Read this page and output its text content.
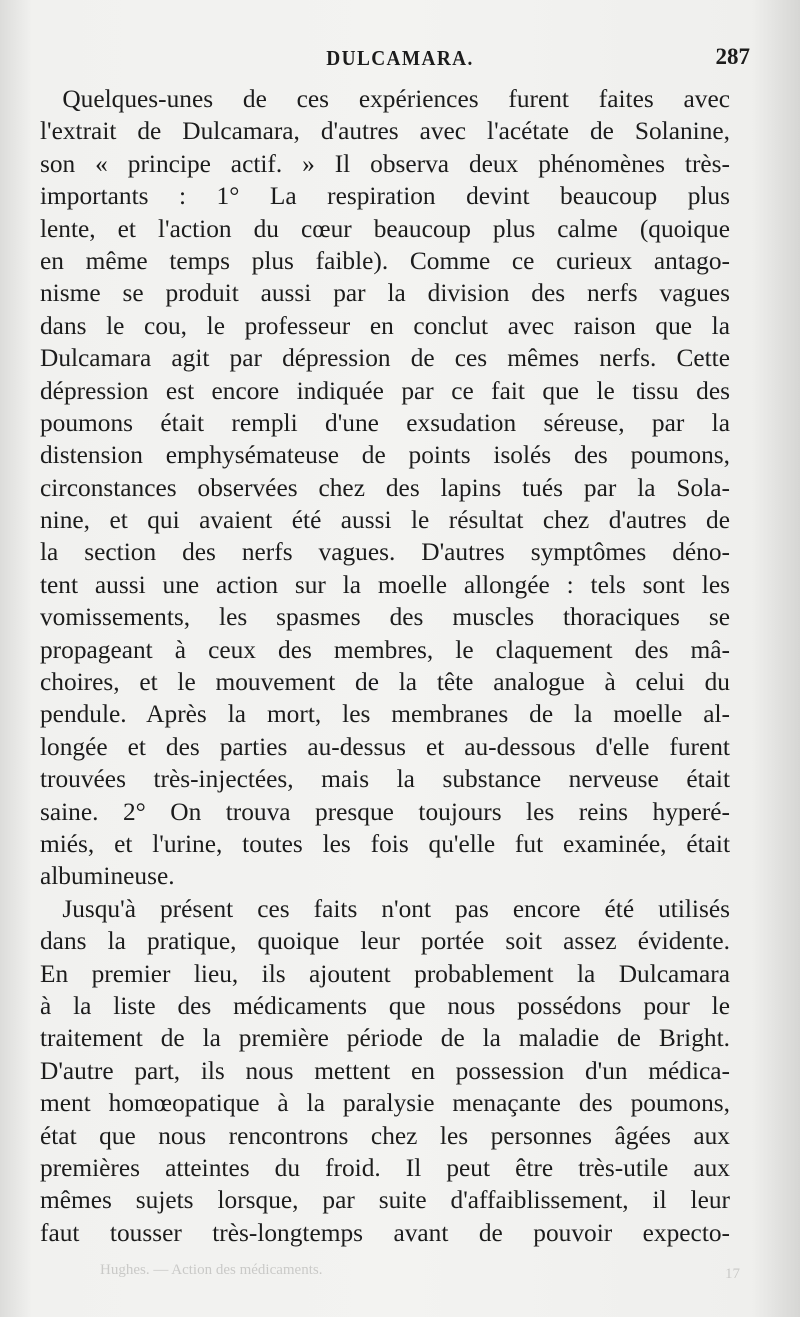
DULCAMARA.	287
Quelques-unes de ces expériences furent faites avec
l'extrait de Dulcamara, d'autres avec l'acétate de Solanine,
son « principe actif. » Il observa deux phénomènes très-
importants : 1° La respiration devint beaucoup plus
lente, et l'action du cœur beaucoup plus calme (quoique
en même temps plus faible). Comme ce curieux antago-
nisme se produit aussi par la division des nerfs vagues
dans le cou, le professeur en conclut avec raison que la
Dulcamara agit par dépression de ces mêmes nerfs. Cette
dépression est encore indiquée par ce fait que le tissu des
poumons était rempli d'une exsudation séreuse, par la
distension emphysémateuse de points isolés des poumons,
circonstances observées chez des lapins tués par la Sola-
nine, et qui avaient été aussi le résultat chez d'autres de
la section des nerfs vagues. D'autres symptômes déno-
tent aussi une action sur la moelle allongée : tels sont les
vomissements, les spasmes des muscles thoraciques se
propageant à ceux des membres, le claquement des mâ-
choires, et le mouvement de la tête analogue à celui du
pendule. Après la mort, les membranes de la moelle al-
longée et des parties au-dessus et au-dessous d'elle furent
trouvées très-injectées, mais la substance nerveuse était
saine. 2° On trouva presque toujours les reins hyperé-
miés, et l'urine, toutes les fois qu'elle fut examinée, était
albumineuse.
Jusqu'à présent ces faits n'ont pas encore été utilisés
dans la pratique, quoique leur portée soit assez évidente.
En premier lieu, ils ajoutent probablement la Dulcamara
à la liste des médicaments que nous possédons pour le
traitement de la première période de la maladie de Bright.
D'autre part, ils nous mettent en possession d'un médica-
ment homœopatique à la paralysie menaçante des poumons,
état que nous rencontrons chez les personnes âgées aux
premières atteintes du froid. Il peut être très-utile aux
mêmes sujets lorsque, par suite d'affaiblissement, il leur
faut tousser très-longtemps avant de pouvoir expecto-
Hughes. — Action des médicaments.	17
